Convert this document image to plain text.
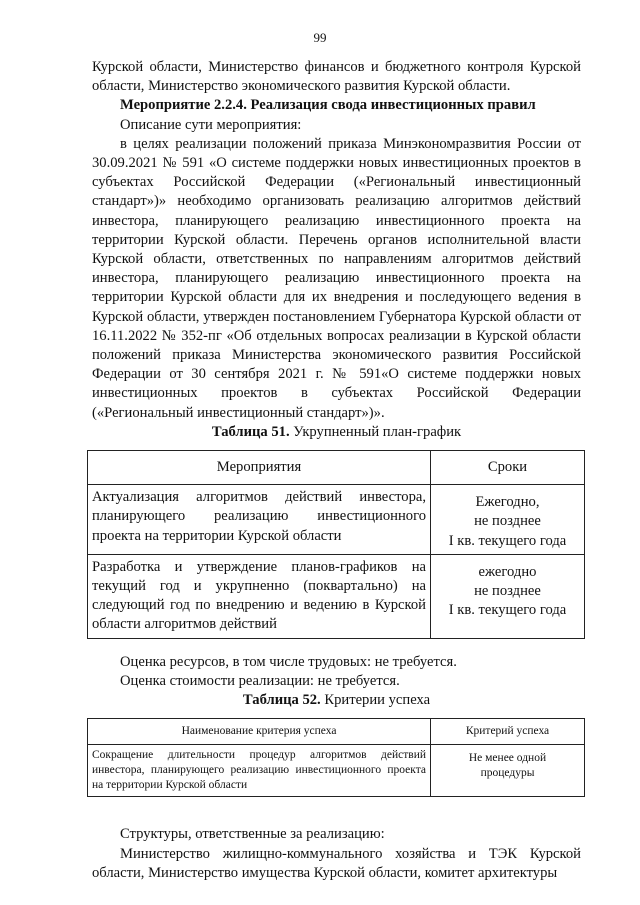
99

Курской области, Министерство финансов и бюджетного контроля Курской области, Министерство экономического развития Курской области.

Мероприятие 2.2.4. Реализация свода инвестиционных правил

Описание сути мероприятия:

в целях реализации положений приказа Минэкономразвития России от 30.09.2021 № 591 «О системе поддержки новых инвестиционных проектов в субъектах Российской Федерации («Региональный инвестиционный стандарт»)» необходимо организовать реализацию алгоритмов действий инвестора, планирующего реализацию инвестиционного проекта на территории Курской области. Перечень органов исполнительной власти Курской области, ответственных по направлениям алгоритмов действий инвестора, планирующего реализацию инвестиционного проекта на территории Курской области для их внедрения и последующего ведения в Курской области, утвержден постановлением Губернатора Курской области от 16.11.2022 № 352-пг «Об отдельных вопросах реализации в Курской области положений приказа Министерства экономического развития Российской Федерации от 30 сентября 2021 г. № 591«О системе поддержки новых инвестиционных проектов в субъектах Российской Федерации («Региональный инвестиционный стандарт»)».

Таблица 51. Укрупненный план-график

Мероприятия	Сроки
Актуализация алгоритмов действий инвестора, планирующего реализацию инвестиционного проекта на территории Курской области	Ежегодно,
не позднее
I кв. текущего года

Разработка и утверждение планов-графиков на текущий год и укрупненно (поквартально) на следующий год по внедрению и ведению в Курской области алгоритмов действий	ежегодно
не позднее
I кв. текущего года

Оценка ресурсов, в том числе трудовых: не требуется.

Оценка стоимости реализации: не требуется.

Таблица 52. Критерии успеха

Наименование критерия успеха	Критерий успеха
Сокращение длительности процедур алгоритмов действий инвестора, планирующего реализацию инвестиционного проекта на территории Курской области	Не менее одной
процедуры

Структуры, ответственные за реализацию:

Министерство жилищно-коммунального хозяйства и ТЭК Курской области, Министерство имущества Курской области, комитет архитектуры
